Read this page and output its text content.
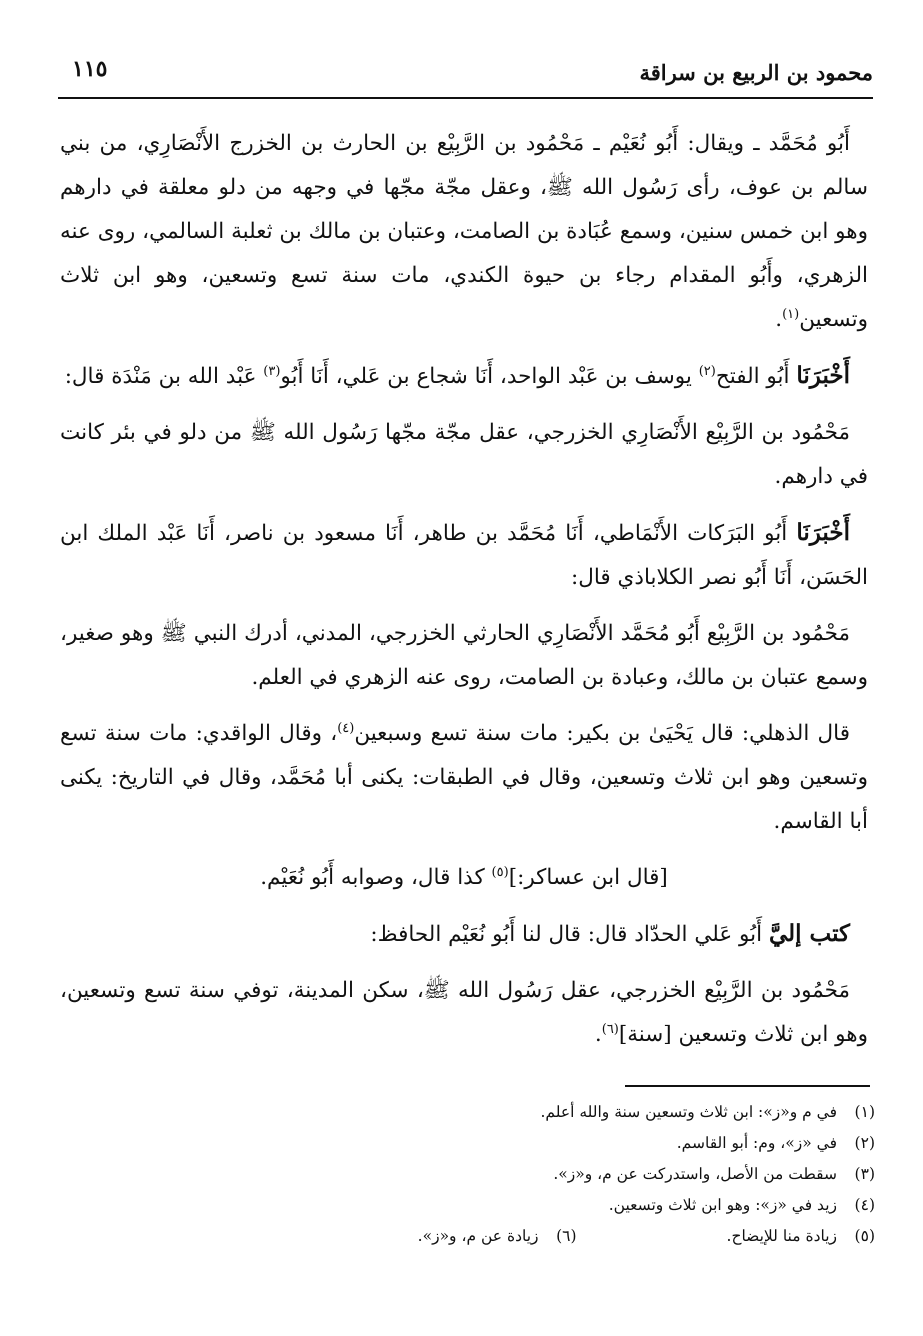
محمود بن الربيع بن سراقة
١١٥

أَبُو مُحَمَّد ـ ويقال: أَبُو نُعَيْم ـ مَحْمُود بن الرَّبِيْع بن الحارث بن الخزرج الأَنْصَارِي، من بني سالم بن عوف، رأى رَسُول الله ﷺ، وعقل مجّة مجّها في وجهه من دلو معلقة في دارهم وهو ابن خمس سنين، وسمع عُبَادة بن الصامت، وعتبان بن مالك بن ثعلبة السالمي، روى عنه الزهري، وأَبُو المقدام رجاء بن حيوة الكندي، مات سنة تسع وتسعين، وهو ابن ثلاث وتسعين$^{(١)}$.

أَخْبَرَنَا أَبُو الفتح$^{(٢)}$ يوسف بن عَبْد الواحد، أَنَا شجاع بن عَلي، أَنَا أَبُو$^{(٣)}$ عَبْد الله بن مَنْدَة قال:

مَحْمُود بن الرَّبِيْع الأَنْصَارِي الخزرجي، عقل مجّة مجّها رَسُول الله ﷺ من دلو في بئر كانت في دارهم.

أَخْبَرَنَا أَبُو البَرَكات الأَنْمَاطي، أَنَا مُحَمَّد بن طاهر، أَنَا مسعود بن ناصر، أَنَا عَبْد الملك ابن الحَسَن، أَنَا أَبُو نصر الكلاباذي قال:

مَحْمُود بن الرَّبِيْع أَبُو مُحَمَّد الأَنْصَارِي الحارثي الخزرجي، المدني، أدرك النبي ﷺ وهو صغير، وسمع عتبان بن مالك، وعبادة بن الصامت، روى عنه الزهري في العلم.

قال الذهلي: قال يَحْيَىٰ بن بكير: مات سنة تسع وسبعين$^{(٤)}$، وقال الواقدي: مات سنة تسع وتسعين وهو ابن ثلاث وتسعين، وقال في الطبقات: يكنى أبا مُحَمَّد، وقال في التاريخ: يكنى أبا القاسم.

[قال ابن عساكر:]$^{(٥)}$ كذا قال، وصوابه أَبُو نُعَيْم.

كتب إليَّ أَبُو عَلي الحدّاد قال: قال لنا أَبُو نُعَيْم الحافظ:

مَحْمُود بن الرَّبِيْع الخزرجي، عقل رَسُول الله ﷺ، سكن المدينة، توفي سنة تسع وتسعين، وهو ابن ثلاث وتسعين [سنة]$^{(٦)}$.

(١)
في م و«ز»: ابن ثلاث وتسعين سنة والله أعلم.
(٢)
في «ز»، وم: أبو القاسم.
(٣)
سقطت من الأصل، واستدركت عن م، و«ز».
(٤)
زيد في «ز»: وهو ابن ثلاث وتسعين.
(٥)
زيادة منا للإيضاح.
(٦)
زيادة عن م، و«ز».
